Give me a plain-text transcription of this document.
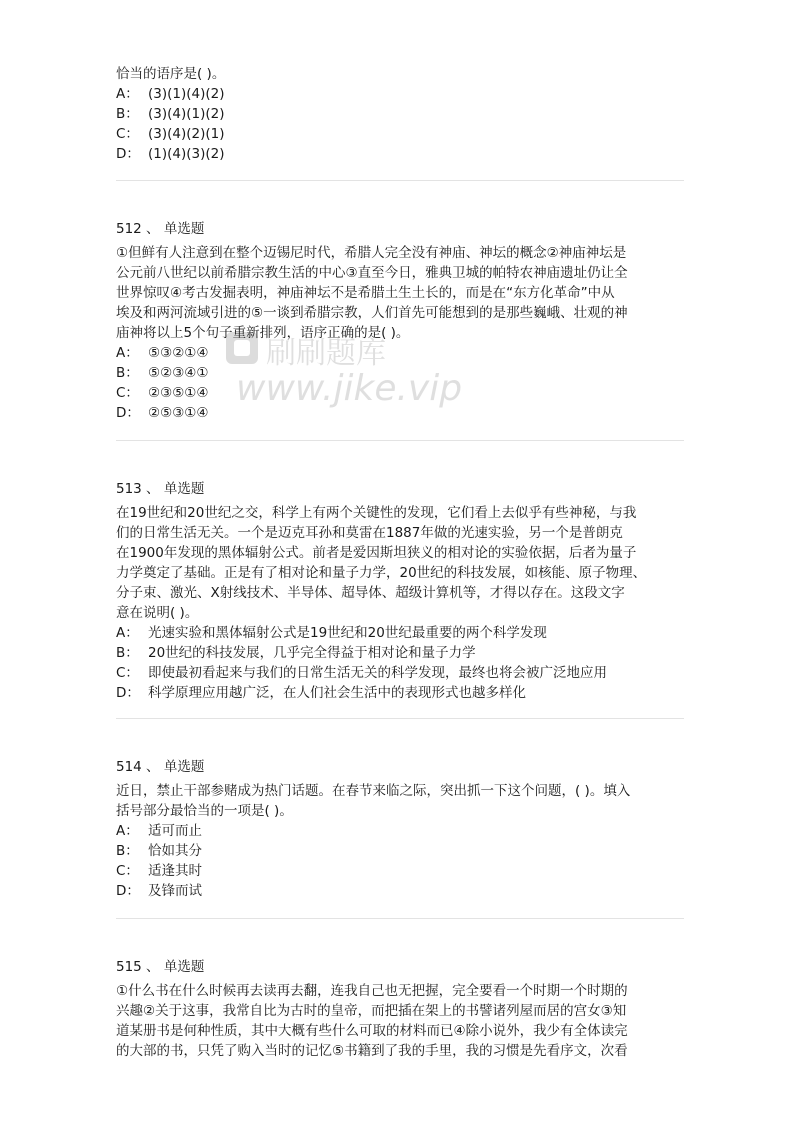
恰当的语序是( )。
A： (3)(1)(4)(2)
B： (3)(4)(1)(2)
C： (3)(4)(2)(1)
D： (1)(4)(3)(2)
512 、 单选题
①但鲜有人注意到在整个迈锡尼时代，希腊人完全没有神庙、神坛的概念②神庙神坛是
公元前八世纪以前希腊宗教生活的中心③直至今日，雅典卫城的帕特农神庙遗址仍让全
世界惊叹④考古发掘表明，神庙神坛不是希腊土生土长的，而是在“东方化革命”中从
埃及和两河流域引进的⑤一谈到希腊宗教，人们首先可能想到的是那些巍峨、壮观的神
庙神将以上5个句子重新排列，语序正确的是( )。
A： ⑤③②①④
B： ⑤②③④①
C： ②③⑤①④
D： ②⑤③①④
513 、 单选题
在19世纪和20世纪之交，科学上有两个关键性的发现，它们看上去似乎有些神秘，与我
们的日常生活无关。一个是迈克耳孙和莫雷在1887年做的光速实验，另一个是普朗克
在1900年发现的黑体辐射公式。前者是爱因斯坦狭义的相对论的实验依据，后者为量子
力学奠定了基础。正是有了相对论和量子力学，20世纪的科技发展，如核能、原子物理、
分子束、激光、X射线技术、半导体、超导体、超级计算机等，才得以存在。这段文字
意在说明( )。
A： 光速实验和黑体辐射公式是19世纪和20世纪最重要的两个科学发现
B： 20世纪的科技发展，几乎完全得益于相对论和量子力学
C： 即使最初看起来与我们的日常生活无关的科学发现，最终也将会被广泛地应用
D： 科学原理应用越广泛，在人们社会生活中的表现形式也越多样化
514 、 单选题
近日，禁止干部参赌成为热门话题。在春节来临之际，突出抓一下这个问题，( )。填入
括号部分最恰当的一项是( )。
A： 适可而止
B： 恰如其分
C： 适逢其时
D： 及锋而试
515 、 单选题
①什么书在什么时候再去读再去翻，连我自己也无把握，完全要看一个时期一个时期的
兴趣②关于这事，我常自比为古时的皇帝，而把插在架上的书譬诸列屋而居的宫女③知
道某册书是何种性质，其中大概有些什么可取的材料而已④除小说外，我少有全体读完
的大部的书，只凭了购入当时的记忆⑤书籍到了我的手里，我的习惯是先看序文，次看
刷刷题库
www.jike.vip
